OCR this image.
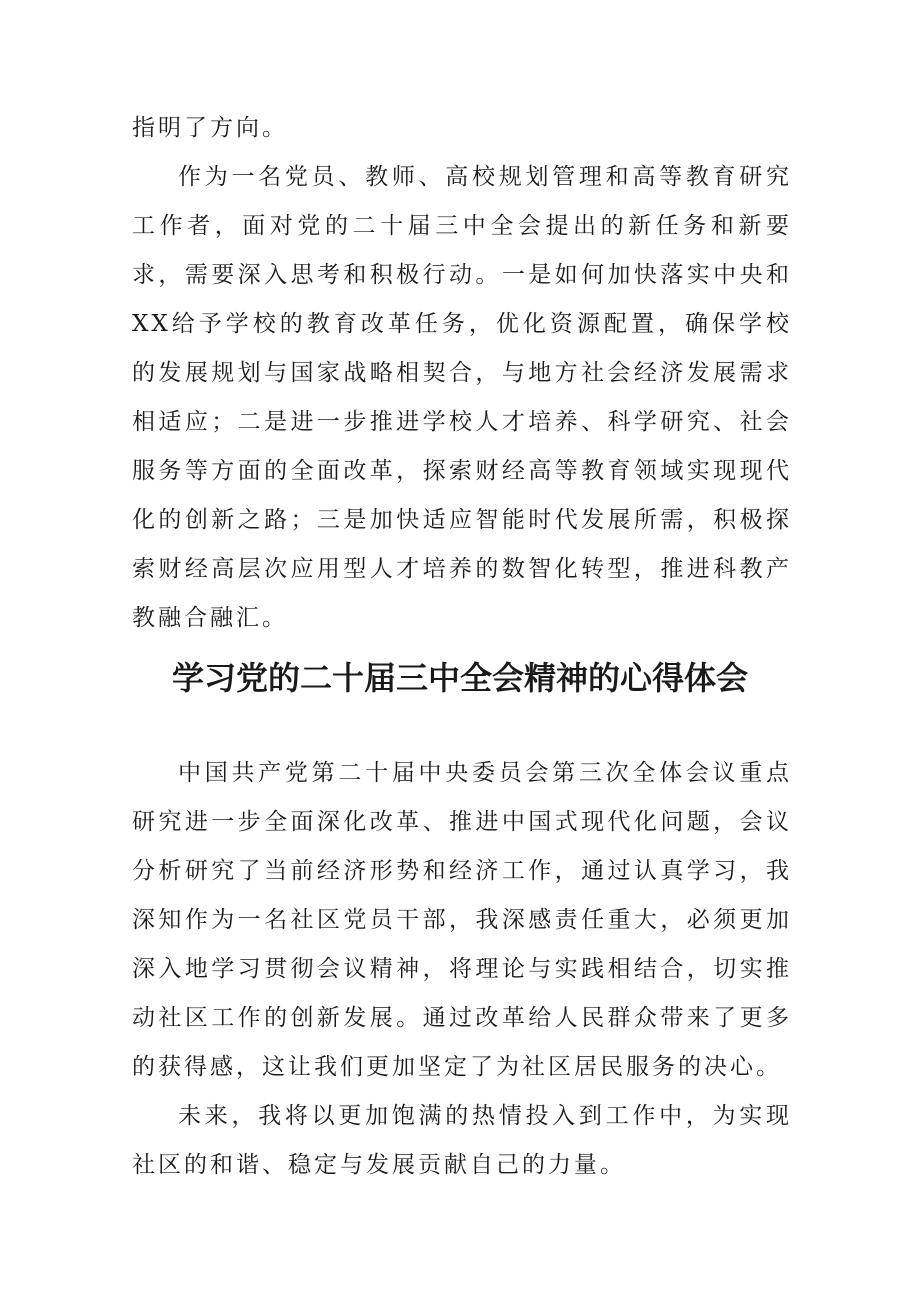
指明了方向。

作为一名党员、教师、高校规划管理和高等教育研究工作者，面对党的二十届三中全会提出的新任务和新要求，需要深入思考和积极行动。一是如何加快落实中央和XX给予学校的教育改革任务，优化资源配置，确保学校的发展规划与国家战略相契合，与地方社会经济发展需求相适应；二是进一步推进学校人才培养、科学研究、社会服务等方面的全面改革，探索财经高等教育领域实现现代化的创新之路；三是加快适应智能时代发展所需，积极探索财经高层次应用型人才培养的数智化转型，推进科教产教融合融汇。

学习党的二十届三中全会精神的心得体会

中国共产党第二十届中央委员会第三次全体会议重点研究进一步全面深化改革、推进中国式现代化问题，会议分析研究了当前经济形势和经济工作，通过认真学习，我深知作为一名社区党员干部，我深感责任重大，必须更加深入地学习贯彻会议精神，将理论与实践相结合，切实推动社区工作的创新发展。通过改革给人民群众带来了更多的获得感，这让我们更加坚定了为社区居民服务的决心。

未来，我将以更加饱满的热情投入到工作中，为实现社区的和谐、稳定与发展贡献自己的力量。
